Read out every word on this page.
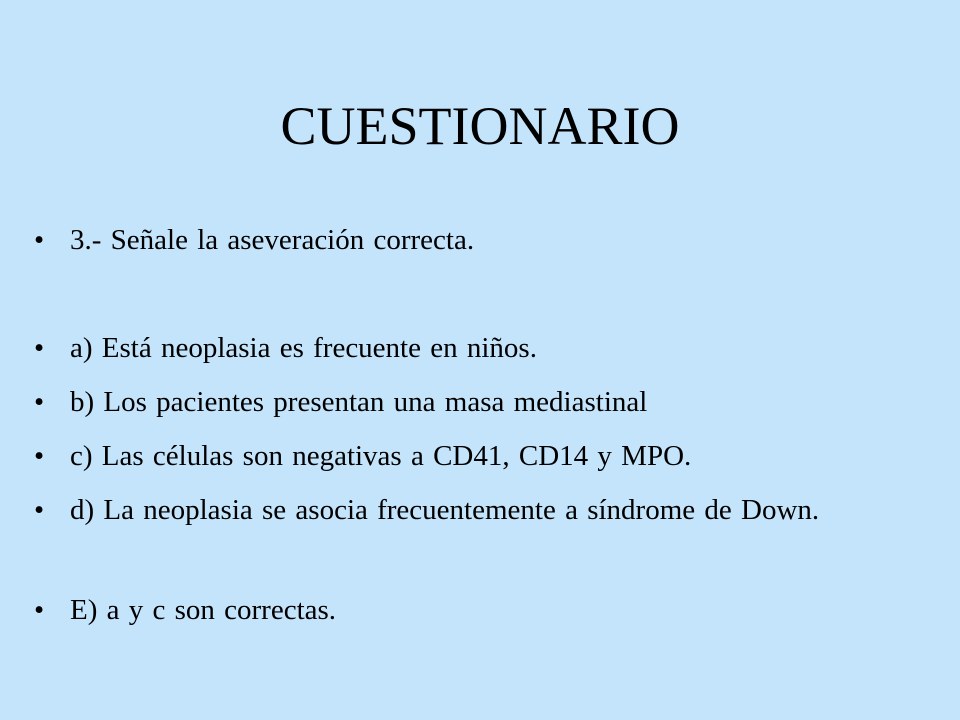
CUESTIONARIO
• 3.- Señale la aseveración correcta.
• a) Está neoplasia es frecuente en niños.
• b) Los pacientes presentan una masa mediastinal
• c) Las células son negativas a CD41, CD14 y MPO.
• d) La neoplasia se asocia frecuentemente a síndrome de Down.
• E) a y c son correctas.
